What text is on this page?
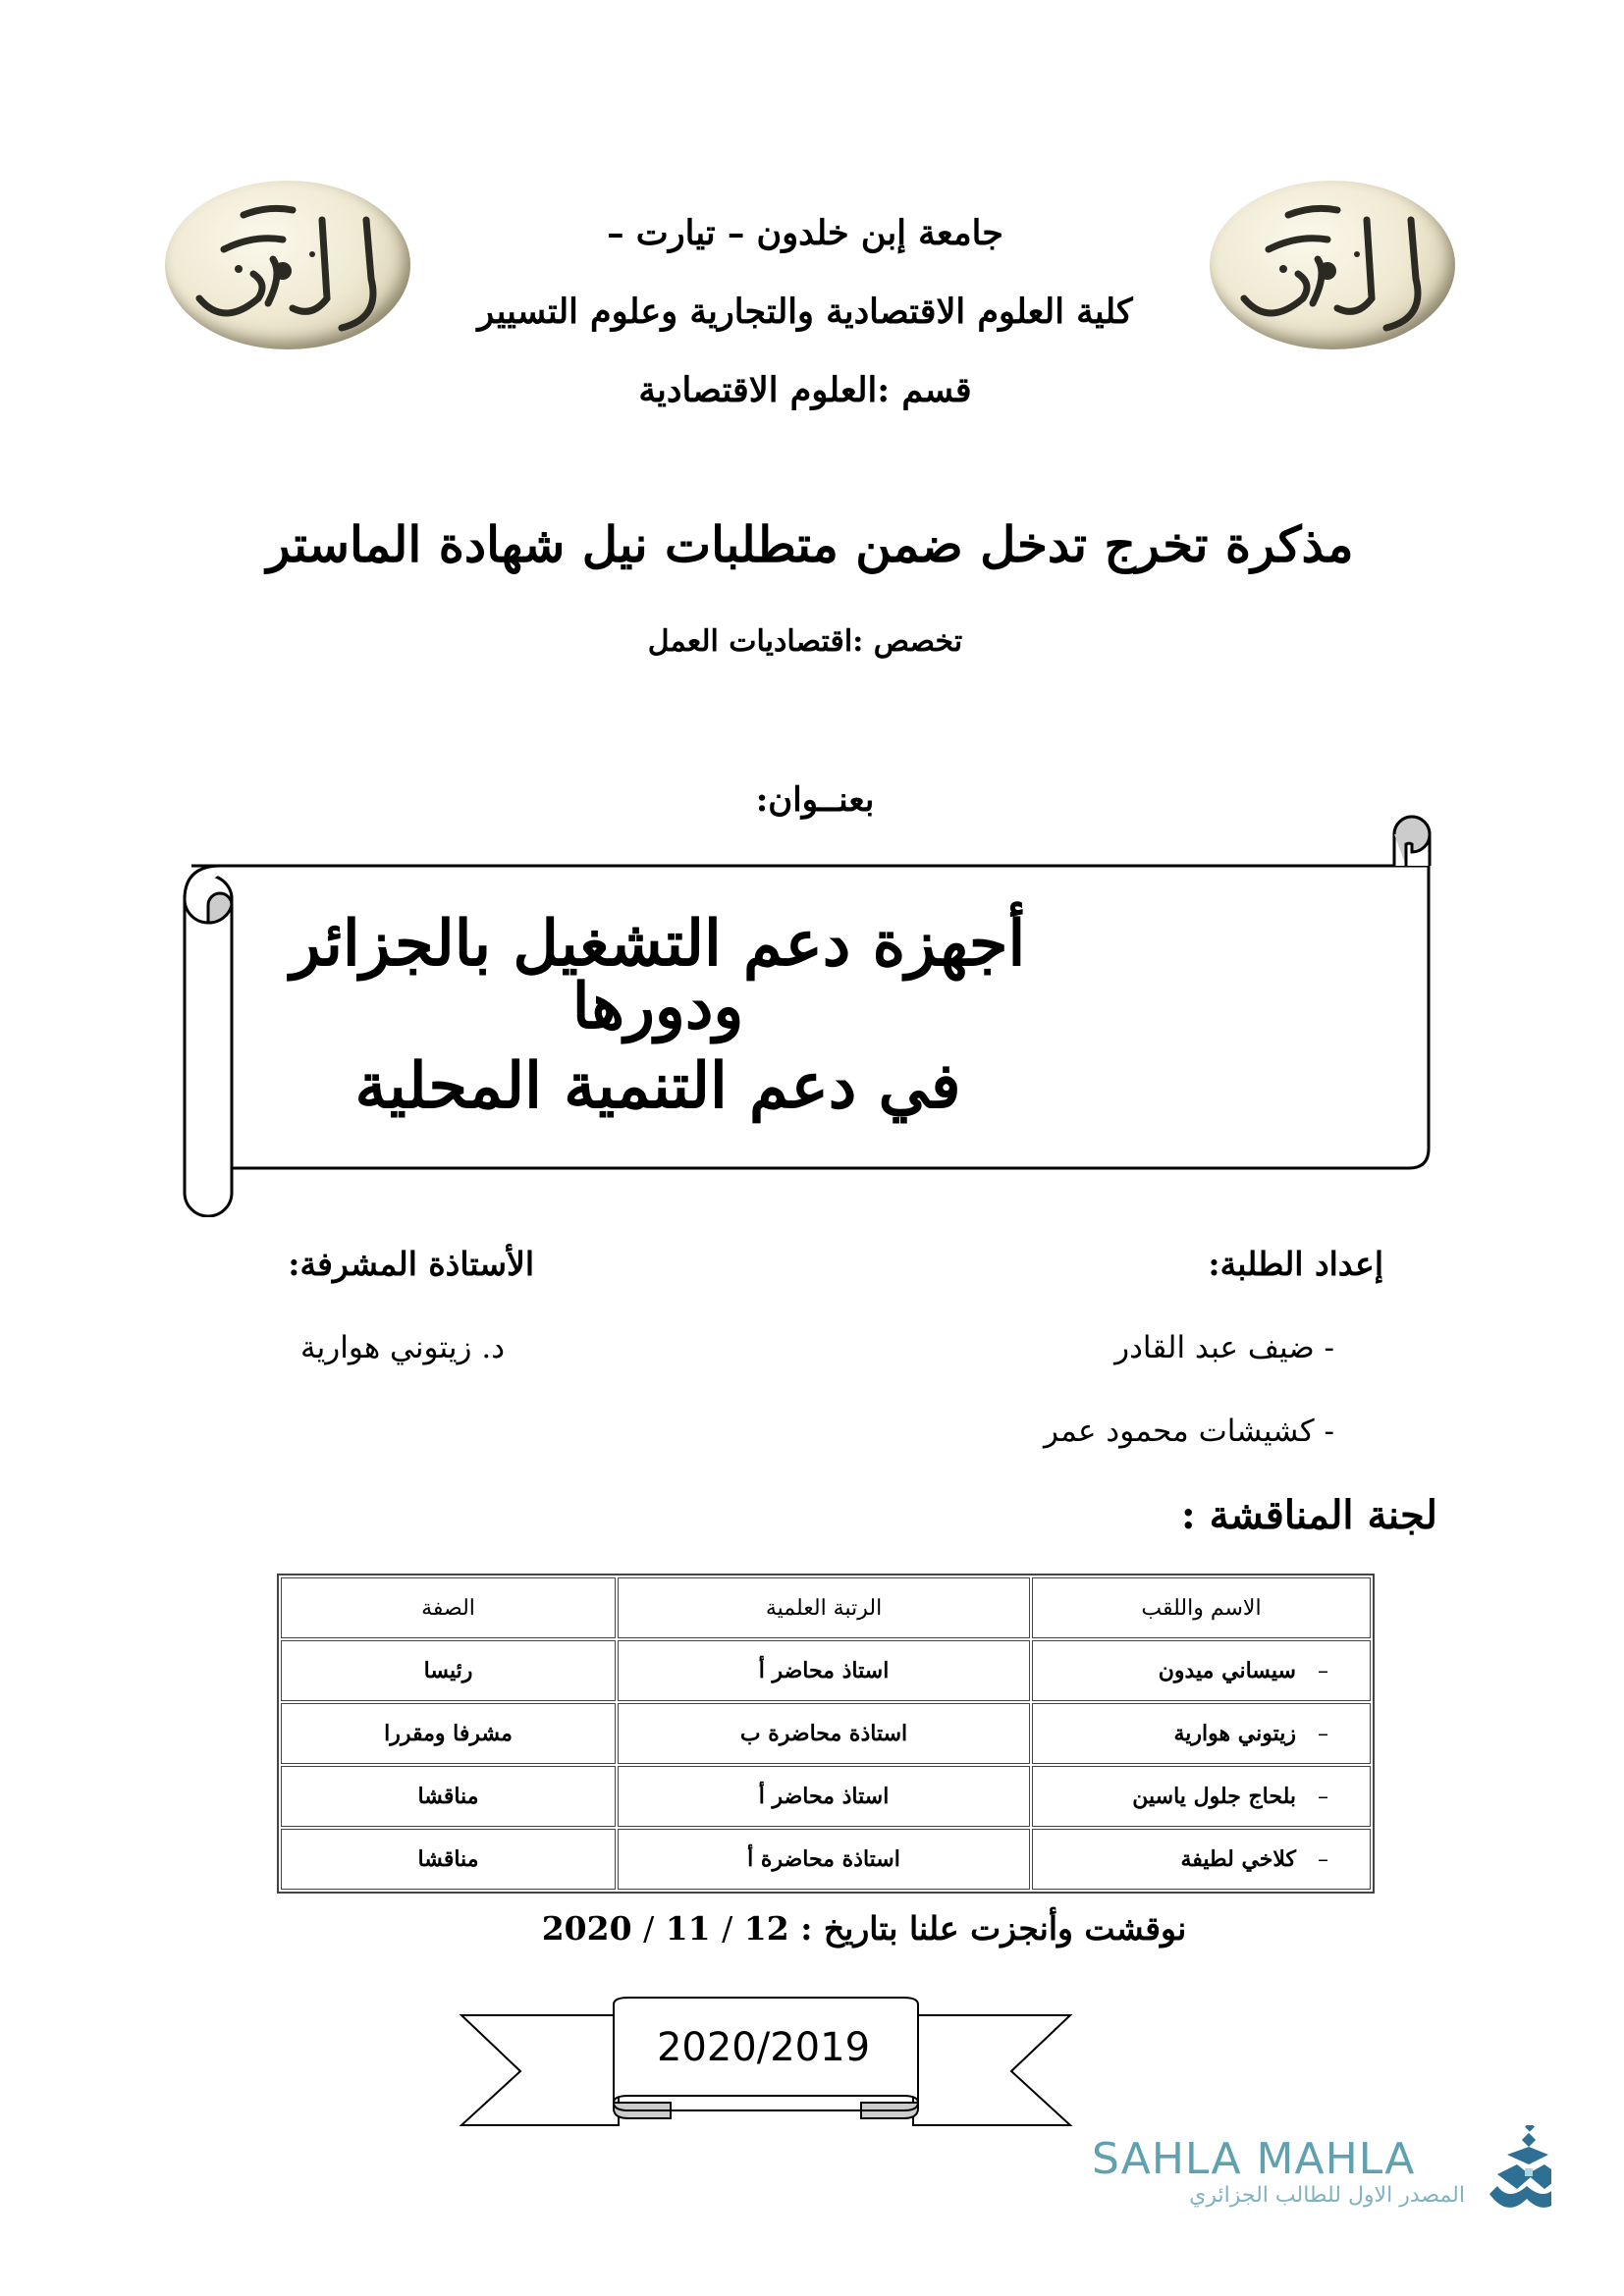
جامعة إبن خلدون – تيارت –
كلية العلوم الاقتصادية والتجارية وعلوم التسيير
قسم :العلوم الاقتصادية
مذكرة تخرج تدخل ضمن متطلبات نيل شهادة الماستر
تخصص :اقتصاديات العمل
بعنــوان:
أجهزة دعم التشغيل بالجزائر ودورها
في دعم التنمية المحلية
إعداد الطلبة:
الأستاذة المشرفة:
- ضيف عبد القادر
- كشيشات محمود عمر
د. زيتوني هوارية
لجنة المناقشة :
الاسم واللقب	الرتبة العلمية	الصفة
–سيساني ميدون	استاذ محاضر أ	رئيسا
–زيتوني هوارية	استاذة محاضرة ب	مشرفا ومقررا
–بلحاج جلول ياسين	استاذ محاضر أ	مناقشا
–كلاخي لطيفة	استاذة محاضرة أ	مناقشا
نوقشت وأنجزت علنا بتاريخ : 2020 / 11 / 12
2020/2019
SAHLA MAHLA
المصدر الاول للطالب الجزائري
